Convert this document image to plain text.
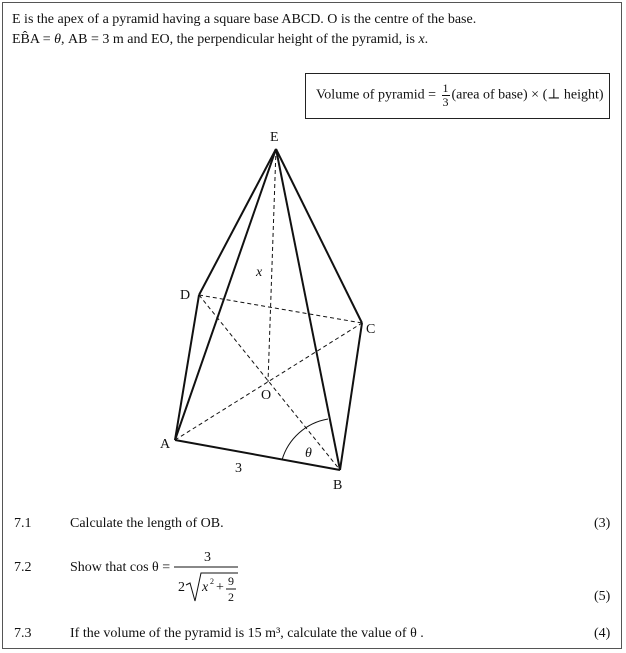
E is the apex of a pyramid having a square base ABCD. O is the centre of the base.
EB̂A = θ, AB = 3 m and EO, the perpendicular height of the pyramid, is x.
Volume of pyramid = $\frac{1}{3}$ (area of base) × (⊥ height)
E
D
C
A
B
O
x
θ
3
7.1	Calculate the length of OB.	(3)
7.2	Show that cos θ =
3
2 x 2 + 9
2	(5)
7.3	If the volume of the pyramid is 15 m³, calculate the value of θ .	(4)
